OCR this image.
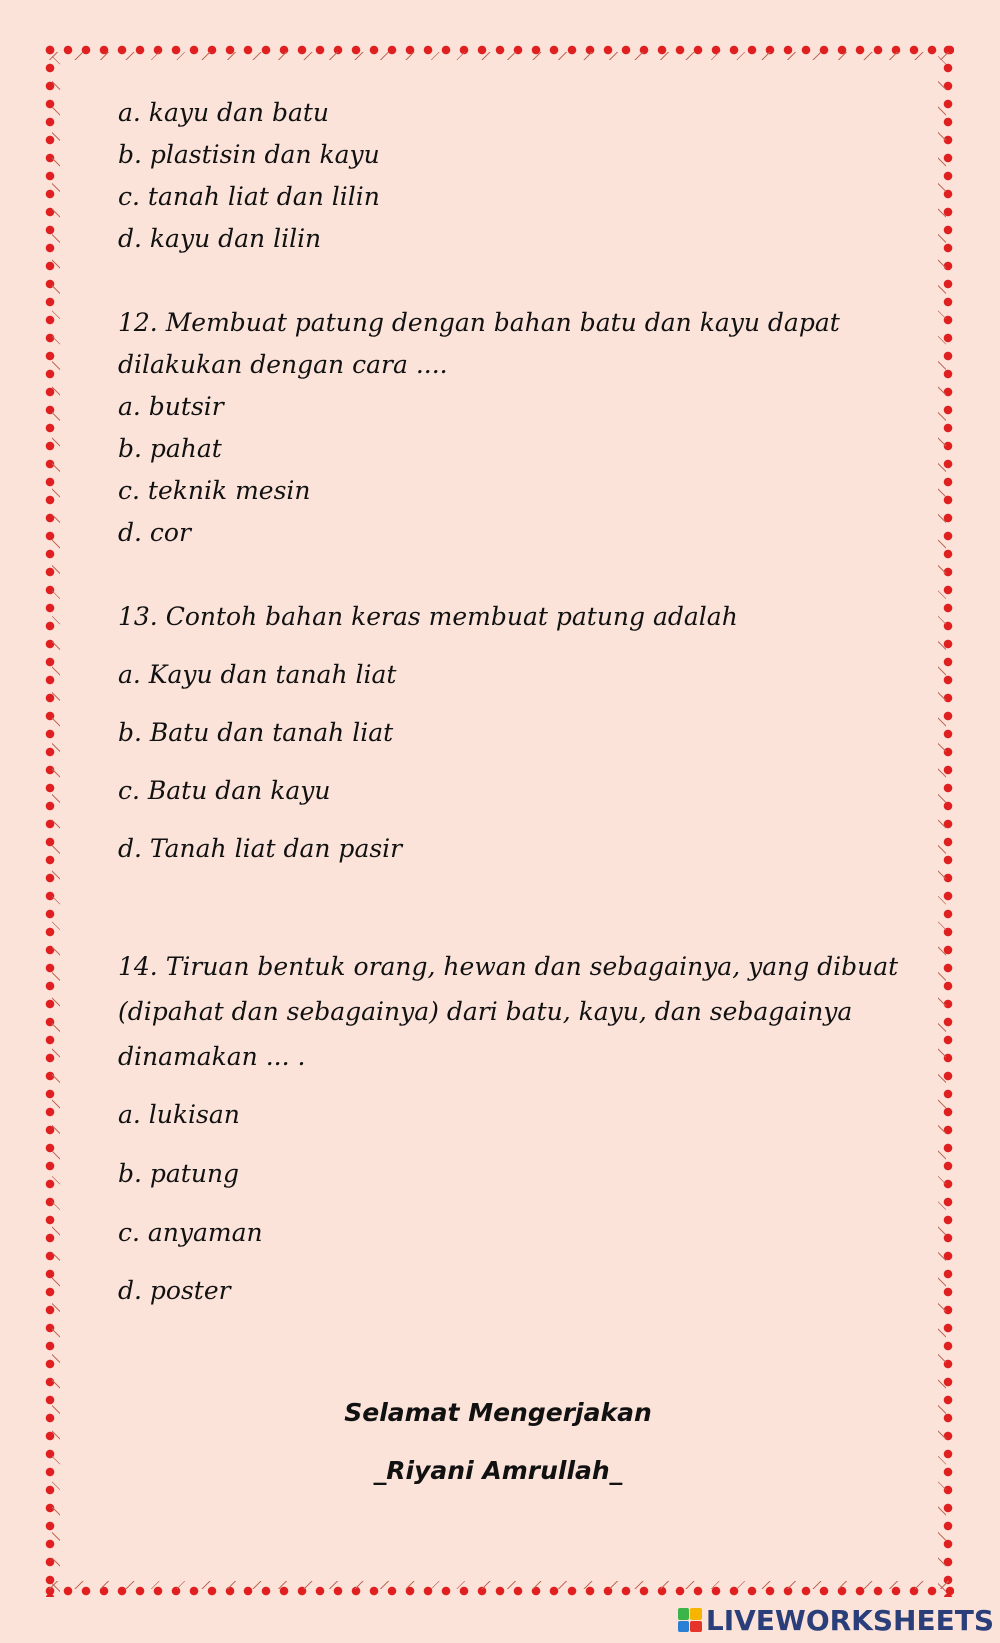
a. kayu dan batu
b. plastisin dan kayu
c. tanah liat dan lilin
d. kayu dan lilin
12. Membuat patung dengan bahan batu dan kayu dapat
dilakukan dengan cara ....
a. butsir
b. pahat
c. teknik mesin
d. cor
13. Contoh bahan keras membuat patung adalah
a. Kayu dan tanah liat
b. Batu dan tanah liat
c. Batu dan kayu
d. Tanah liat dan pasir
14. Tiruan bentuk orang, hewan dan sebagainya, yang dibuat
(dipahat dan sebagainya) dari batu, kayu, dan sebagainya
dinamakan ... .
a. lukisan
b. patung
c. anyaman
d. poster
Selamat Mengerjakan
_Riyani Amrullah_
LIVEWORKSHEETS
